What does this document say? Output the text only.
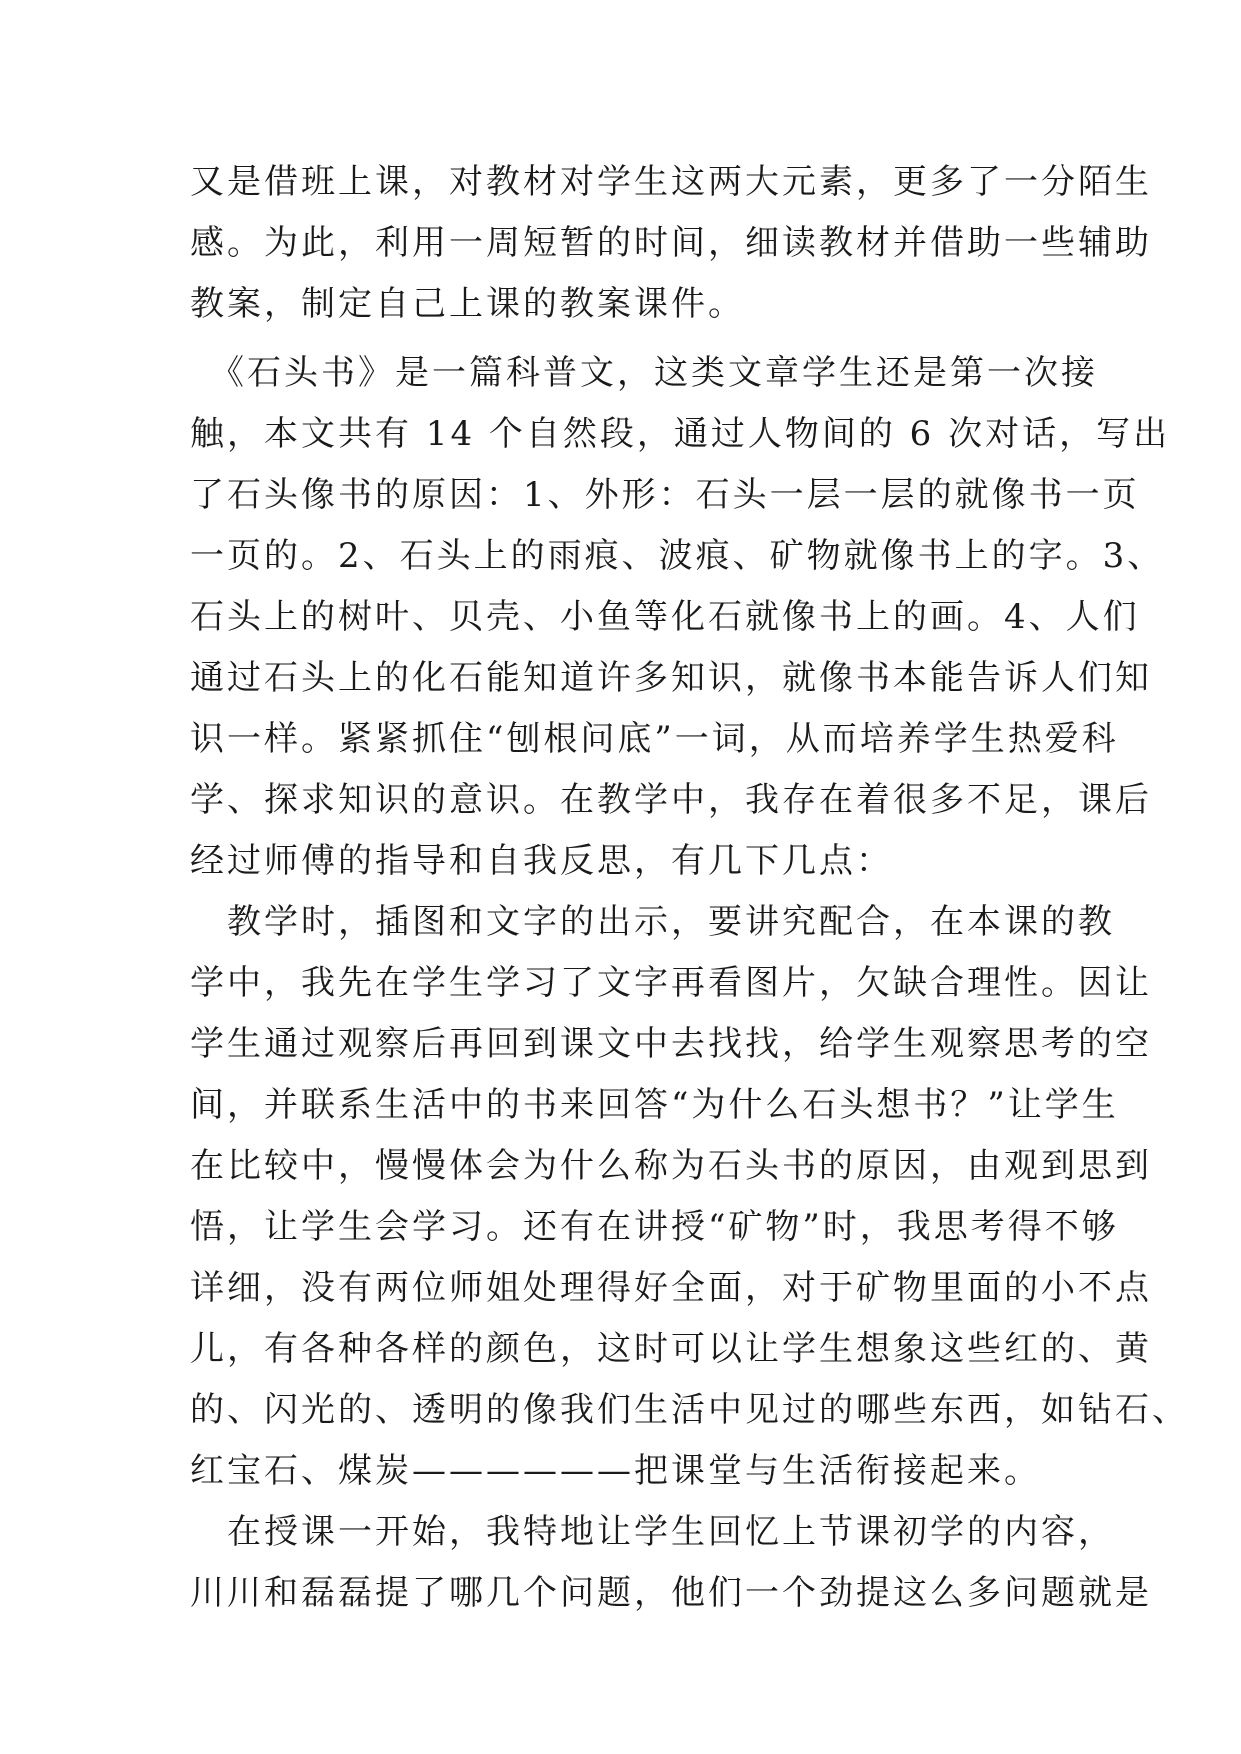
又是借班上课，对教材对学生这两大元素，更多了一分陌生
感。为此，利用一周短暂的时间，细读教材并借助一些辅助
教案，制定自己上课的教案课件。
　《石头书》是一篇科普文，这类文章学生还是第一次接
触，本文共有 14 个自然段，通过人物间的 6 次对话，写出
了石头像书的原因：1、外形：石头一层一层的就像书一页
一页的。2、石头上的雨痕、波痕、矿物就像书上的字。3、
石头上的树叶、贝壳、小鱼等化石就像书上的画。4、人们
通过石头上的化石能知道许多知识，就像书本能告诉人们知
识一样。紧紧抓住“刨根问底”一词，从而培养学生热爱科
学、探求知识的意识。在教学中，我存在着很多不足，课后
经过师傅的指导和自我反思，有几下几点：
　教学时，插图和文字的出示，要讲究配合，在本课的教
学中，我先在学生学习了文字再看图片，欠缺合理性。因让
学生通过观察后再回到课文中去找找，给学生观察思考的空
间，并联系生活中的书来回答“为什么石头想书？”让学生
在比较中，慢慢体会为什么称为石头书的原因，由观到思到
悟，让学生会学习。还有在讲授“矿物”时，我思考得不够
详细，没有两位师姐处理得好全面，对于矿物里面的小不点
儿，有各种各样的颜色，这时可以让学生想象这些红的、黄
的、闪光的、透明的像我们生活中见过的哪些东西，如钻石、
红宝石、煤炭——————把课堂与生活衔接起来。
　在授课一开始，我特地让学生回忆上节课初学的内容，
川川和磊磊提了哪几个问题，他们一个劲提这么多问题就是
